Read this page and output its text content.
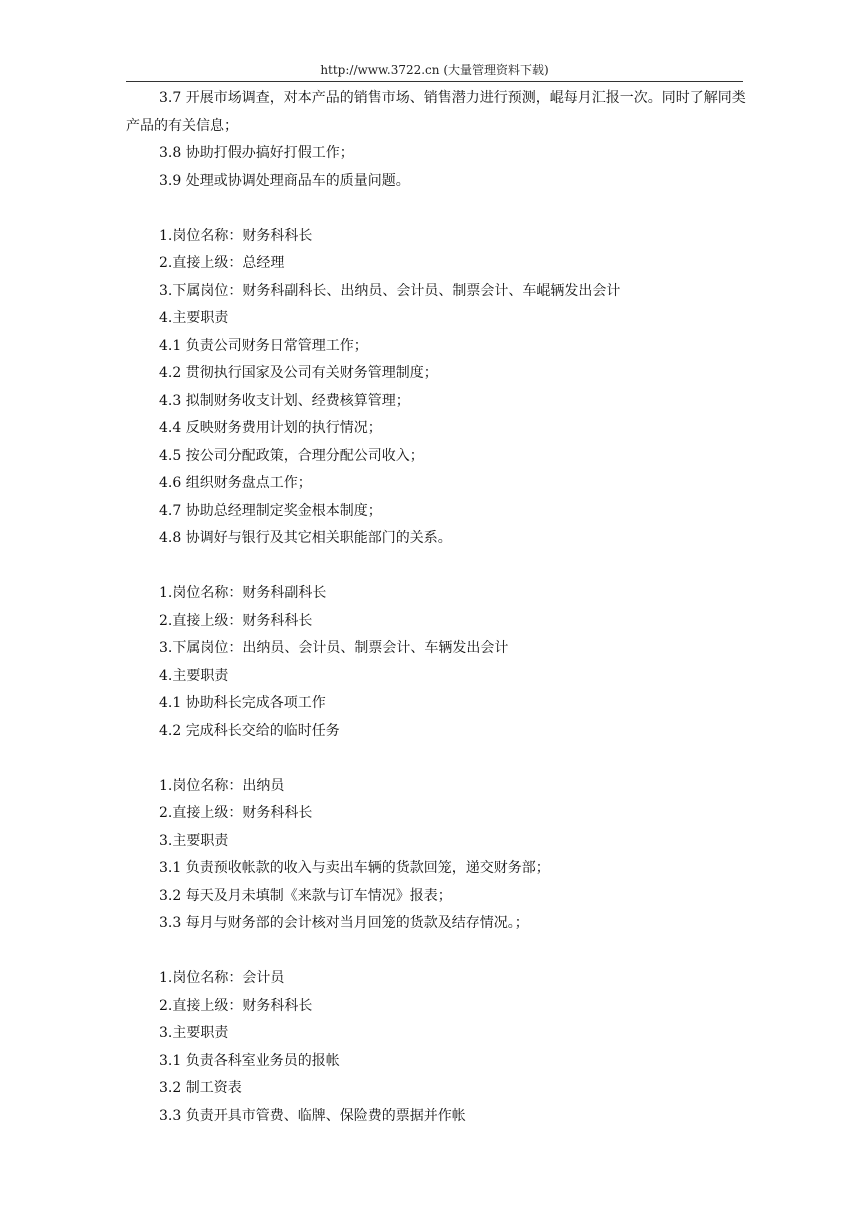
http://www.3722.cn (大量管理资料下载)

3.7 开展市场调查，对本产品的销售市场、销售潜力进行预测，崐每月汇报一次。同时了解同类产品的有关信息；

3.8 协助打假办搞好打假工作；

3.9 处理或协调处理商品车的质量问题。

1.岗位名称：财务科科长

2.直接上级：总经理

3.下属岗位：财务科副科长、出纳员、会计员、制票会计、车崐辆发出会计

4.主要职责

4.1 负责公司财务日常管理工作；

4.2 贯彻执行国家及公司有关财务管理制度；

4.3 拟制财务收支计划、经费核算管理；

4.4 反映财务费用计划的执行情况；

4.5 按公司分配政策，合理分配公司收入；

4.6 组织财务盘点工作；

4.7 协助总经理制定奖金根本制度；

4.8 协调好与银行及其它相关职能部门的关系。

1.岗位名称：财务科副科长

2.直接上级：财务科科长

3.下属岗位：出纳员、会计员、制票会计、车辆发出会计

4.主要职责

4.1 协助科长完成各项工作

4.2 完成科长交给的临时任务

1.岗位名称：出纳员

2.直接上级：财务科科长

3.主要职责

3.1 负责预收帐款的收入与卖出车辆的货款回笼，递交财务部；

3.2 每天及月未填制《来款与订车情况》报表；

3.3 每月与财务部的会计核对当月回笼的货款及结存情况。；

1.岗位名称：会计员

2.直接上级：财务科科长

3.主要职责

3.1 负责各科室业务员的报帐

3.2 制工资表

3.3 负责开具市管费、临牌、保险费的票据并作帐
